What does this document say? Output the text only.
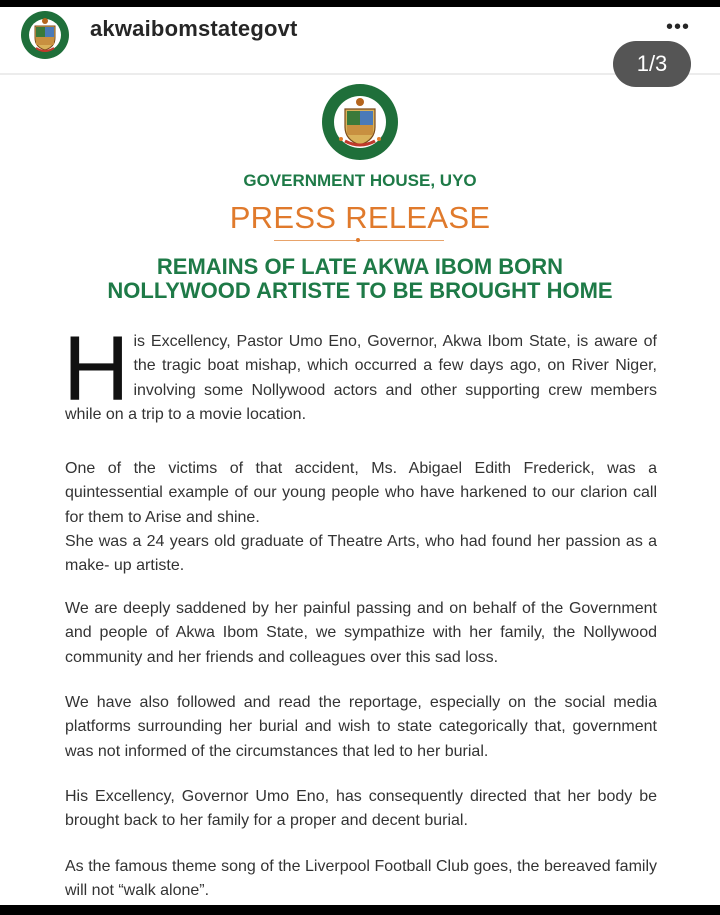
akwaibomstategovt	•••
1/3
GOVERNMENT HOUSE, UYO
PRESS RELEASE
REMAINS OF LATE AKWA IBOM BORN
NOLLYWOOD ARTISTE TO BE BROUGHT HOME
H is Excellency, Pastor Umo Eno, Governor, Akwa Ibom State, is aware of the tragic boat mishap, which occurred a few days ago, on River Niger, involving some Nollywood actors and other supporting crew members while on a trip to a movie location.

One of the victims of that accident, Ms. Abigael Edith Frederick, was a quintessential example of our young people who have harkened to our clarion call for them to Arise and shine.

She was a 24 years old graduate of Theatre Arts, who had found her passion as a make- up artiste.

We are deeply saddened by her painful passing and on behalf of the Government and people of Akwa Ibom State, we sympathize with her family, the Nollywood community and her friends and colleagues over this sad loss.
We have also followed and read the reportage, especially on the social media platforms surrounding her burial and wish to state categorically that, government was not informed of the circumstances that led to her burial.
His Excellency, Governor Umo Eno, has consequently directed that her body be brought back to her family for a proper and decent burial.
As the famous theme song of the Liverpool Football Club goes, the bereaved family will not “walk alone”.
